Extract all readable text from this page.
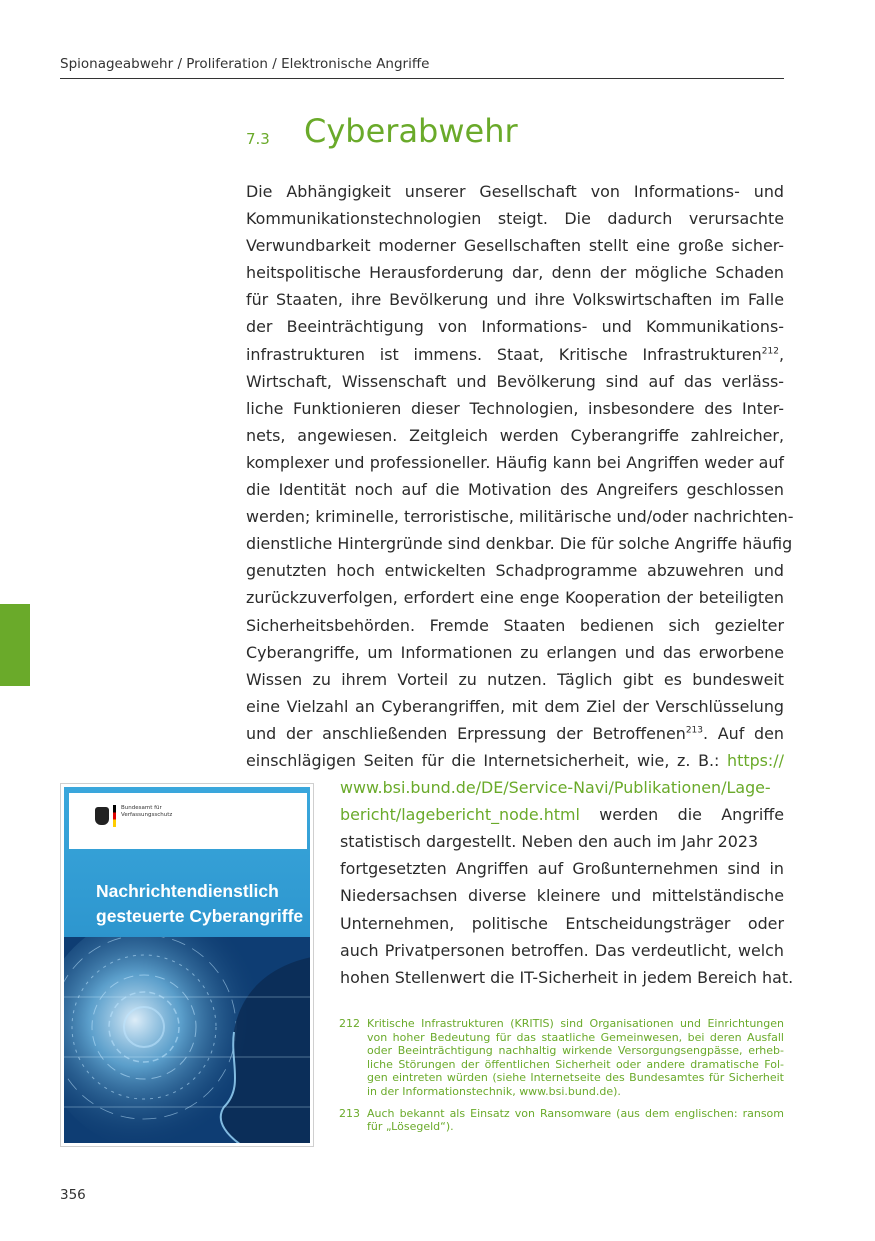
Spionageabwehr / Proliferation / Elektronische Angriffe
7.3 Cyberabwehr
Die Abhängigkeit unserer Gesellschaft von Informations- und
Kommunikationstechnologien steigt. Die dadurch verursachte
Verwundbarkeit moderner Gesellschaften stellt eine große sicher-
heitspolitische Herausforderung dar, denn der mögliche Schaden
für Staaten, ihre Bevölkerung und ihre Volkswirtschaften im Falle
der Beeinträchtigung von Informations- und Kommunikations-
infrastrukturen ist immens. Staat, Kritische Infrastrukturen$^{212}$,
Wirtschaft, Wissenschaft und Bevölkerung sind auf das verläss-
liche Funktionieren dieser Technologien, insbesondere des Inter-
nets, angewiesen. Zeitgleich werden Cyberangriffe zahlreicher,
komplexer und professioneller. Häufig kann bei Angriffen weder auf
die Identität noch auf die Motivation des Angreifers geschlossen
werden; kriminelle, terroristische, militärische und/oder nachrichten-
dienstliche Hintergründe sind denkbar. Die für solche Angriffe häufig
genutzten hoch entwickelten Schadprogramme abzuwehren und
zurückzuverfolgen, erfordert eine enge Kooperation der beteiligten
Sicherheitsbehörden. Fremde Staaten bedienen sich gezielter
Cyberangriffe, um Informationen zu erlangen und das erworbene
Wissen zu ihrem Vorteil zu nutzen. Täglich gibt es bundesweit
eine Vielzahl an Cyberangriffen, mit dem Ziel der Verschlüsselung
und der anschließenden Erpressung der Betroffenen$^{213}$. Auf den
einschlägigen Seiten für die Internetsicherheit, wie, z. B.: https://
www.bsi.bund.de/DE/Service-Navi/Publikationen/Lage-
bericht/lagebericht_node.html werden die Angriffe
statistisch dargestellt. Neben den auch im Jahr 2023
fortgesetzten Angriffen auf Großunternehmen sind in
Niedersachsen diverse kleinere und mittelständische
Unternehmen, politische Entscheidungsträger oder
auch Privatpersonen betroffen. Das verdeutlicht, welch
hohen Stellenwert die IT-Sicherheit in jedem Bereich hat.
Bundesamt für
Verfassungsschutz
Nachrichtendienstlich
gesteuerte Cyberangriffe
212 Kritische Infrastrukturen (KRITIS) sind Organisationen und Einrichtungen von hoher Bedeutung für das staatliche Gemeinwesen, bei deren Ausfall oder Beeinträchtigung nachhaltig wirkende Versorgungsengpässe, erheb-liche Störungen der öffentlichen Sicherheit oder andere dramatische Fol-gen eintreten würden (siehe Internetseite des Bundesamtes für Sicherheit in der Informationstechnik, www.bsi.bund.de).
213 Auch bekannt als Einsatz von Ransomware (aus dem englischen: ransom für „Lösegeld“).
356
